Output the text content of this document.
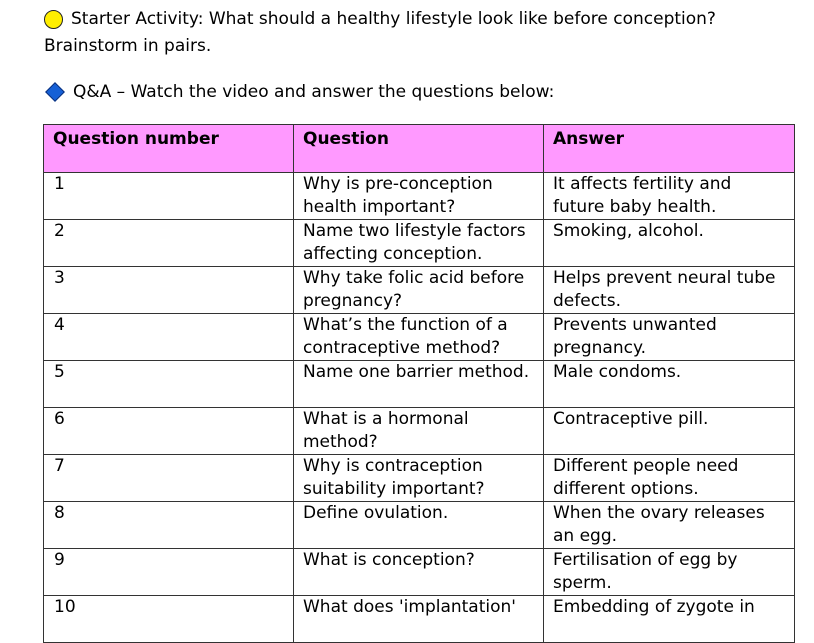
Starter Activity: What should a healthy lifestyle look like before conception?
Brainstorm in pairs.
Q&A – Watch the video and answer the questions below:
Question number	Question	Answer
1	Why is pre-conception health important?	It affects fertility and future baby health.
2	Name two lifestyle factors affecting conception.	Smoking, alcohol.
3	Why take folic acid before pregnancy?	Helps prevent neural tube defects.
4	What’s the function of a contraceptive method?	Prevents unwanted pregnancy.
5	Name one barrier method.	Male condoms.
6	What is a hormonal method?	Contraceptive pill.
7	Why is contraception suitability important?	Different people need different options.
8	Define ovulation.	When the ovary releases an egg.
9	What is conception?	Fertilisation of egg by sperm.
10	What does 'implantation'	Embedding of zygote in
